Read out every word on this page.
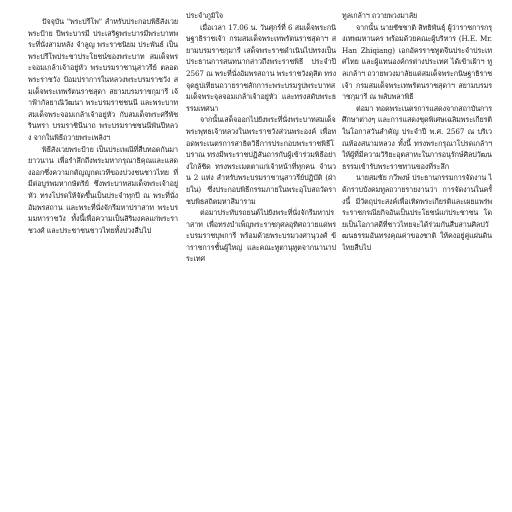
ปัจจุบัน "พระปรีโพ" สำหรับประกอบพิธีสังเวยพระป้าย ปีพระบารมี ประเสริฐพระบารมีพระบาทพระที่นั่งสามหลัง จำลูญ พระราชนิยม ประพันธ์ เป็นพระปรีโพประชาประโยชน์ของพระบาท สมเด็จพระจอมเกล้าเจ้าอยู่หัว พระบรมราชานุสาวรีย์ ตลอดพระราชวัง ป้อมปราการในหลวงพระบรมราชวัง สมเด็จพระเทพรัตนราชสุดา สยามบรมราชกุมารี เจ้าฟ้ากัลยาณิวัฒนา พระบรมราชชนนี และพระบาทสมเด็จพระจอมเกล้าเจ้าอยู่หัว กับสมเด็จพระศรีพัชรินทรา บรมราชินีนาถ พระบรมราชชนนีพันปีหลวง จากในพิธีถวายพระเพลิงฯ

พิธีสังเวยพระป้าย เป็นประเพณีที่สืบทอดกันมายาวนาน เพื่อรำลึกถึงพระมหากรุณาธิคุณและแสดงออกซึ่งความกตัญญูกตเวทีของปวงชนชาวไทย ที่มีต่อบูรพมหากษัตริย์ ซึ่งพระบาทสมเด็จพระเจ้าอยู่หัว ทรงโปรดให้จัดขึ้นเป็นประจำทุกปี ณ พระที่นั่งอัมพรสถาน และพระที่นั่งจักรีมหาปราสาท พระบรมมหาราชวัง ทั้งนี้เพื่อความเป็นสิริมงคลแก่พระราชวงศ์ และประชาชนชาวไทยทั้งปวงสืบไป

ประจำภูมิใจ

เมื่อเวลา 17.06 น. วันศุกร์ที่ 6 สมเด็จพระกนิษฐาธิราชเจ้า กรมสมเด็จพระเทพรัตนราชสุดาฯ สยามบรมราชกุมารี เสด็จพระราชดำเนินไปทรงเป็นประธานการสนทนากล่าวถึงพระราชพิธี ประจำปี 2567 ณ พระที่นั่งอัมพรสถาน พระราชวังดุสิต ทรงจุดธูปเทียนถวายราชสักการะพระบรมรูปพระบาทสมเด็จพระจุลจอมเกล้าเจ้าอยู่หัว และทรงสดับพระธรรมเทศนา

จากนั้นเสด็จออกไปยังพระที่นั่งพระบาทสมเด็จพระพุทธเจ้าหลวงในพระราชวังส่วนพระองค์ เพื่อทอดพระเนตรการสาธิตวิธีการประกอบพระราชพิธีโบราณ ทรงมีพระราชปฏิสันถารกับผู้เข้าร่วมพิธีอย่างใกล้ชิด ทรงพระเมตตาแก่เจ้าหน้าที่ทุกคน จำนวน 2 แห่ง สำหรับพระบรมราชานุสาวรีย์ปฏิบัติ (ฝ่ายใน) ซึ่งประกอบพิธีกรรมภายในพระอุโบสถวัดราชบพิธสถิตมหาสีมาราม

ต่อมาประทับรถยนต์ไปยังพระที่นั่งจักรีมหาปราสาท เพื่อทรงบำเพ็ญพระราชกุศลอุทิศถวายแด่พระบรมราชบุพการี พร้อมด้วยพระบรมวงศานุวงศ์ ข้าราชการชั้นผู้ใหญ่ และคณะทูตานุทูตจากนานาประเทศ

ทูลเกล้าฯ ถวายพวงมาลัย

จากนั้น นายชัชชาติ สิทธิพันธุ์ ผู้ว่าราชการกรุงเทพมหานคร พร้อมด้วยคณะผู้บริหาร (H.E. Mr. Han Zhiqiang) เอกอัครราชทูตจีนประจำประเทศไทย และผู้แทนองค์กรต่างประเทศ ได้เข้าเฝ้าฯ ทูลเกล้าฯ ถวายพวงมาลัยแด่สมเด็จพระกนิษฐาธิราชเจ้า กรมสมเด็จพระเทพรัตนราชสุดาฯ สยามบรมราชกุมารี ณ พลับพลาพิธี

ต่อมา ทอดพระเนตรการแสดงจากสถาบันการศึกษาต่างๆ และการแสดงชุดพิเศษเฉลิมพระเกียรติ ในโอกาสวันสำคัญ ประจำปี พ.ศ. 2567 ณ บริเวณท้องสนามหลวง ทั้งนี้ ทรงพระกรุณาโปรดเกล้าฯ ให้ผู้ที่มีความวิริยะอุตสาหะในการอนุรักษ์ศิลปวัฒนธรรมเข้ารับพระราชทานของที่ระลึก

นายสมชัย กวีพงษ์ ประธานกรรมการจัดงาน ได้กราบบังคมทูลถวายรายงานว่า การจัดงานในครั้งนี้ มีวัตถุประสงค์เพื่อเทิดพระเกียรติและเผยแพร่พระราชกรณียกิจอันเป็นประโยชน์แก่ประชาชน โดยเป็นโอกาสดีที่ชาวไทยจะได้ร่วมกันสืบสานศิลปวัฒนธรรมอันทรงคุณค่าของชาติ ให้คงอยู่คู่แผ่นดินไทยสืบไป
